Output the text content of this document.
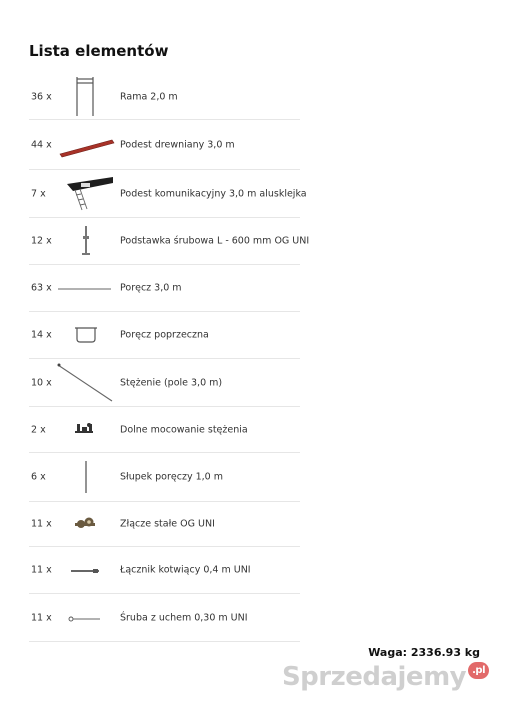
Lista elementów
36 x	Rama 2,0 m
44 x	Podest drewniany 3,0 m
7 x	Podest komunikacyjny 3,0 m alusklejka
12 x	Podstawka śrubowa L - 600 mm OG UNI
63 x	Poręcz 3,0 m
14 x	Poręcz poprzeczna
10 x	Stężenie (pole 3,0 m)
2 x	Dolne mocowanie stężenia
6 x	Słupek poręczy 1,0 m
11 x	Złącze stałe OG UNI
11 x	Łącznik kotwiący 0,4 m UNI
11 x	Śruba z uchem 0,30 m UNI
Waga: 2336.93 kg
Sprzedajemy .pl
